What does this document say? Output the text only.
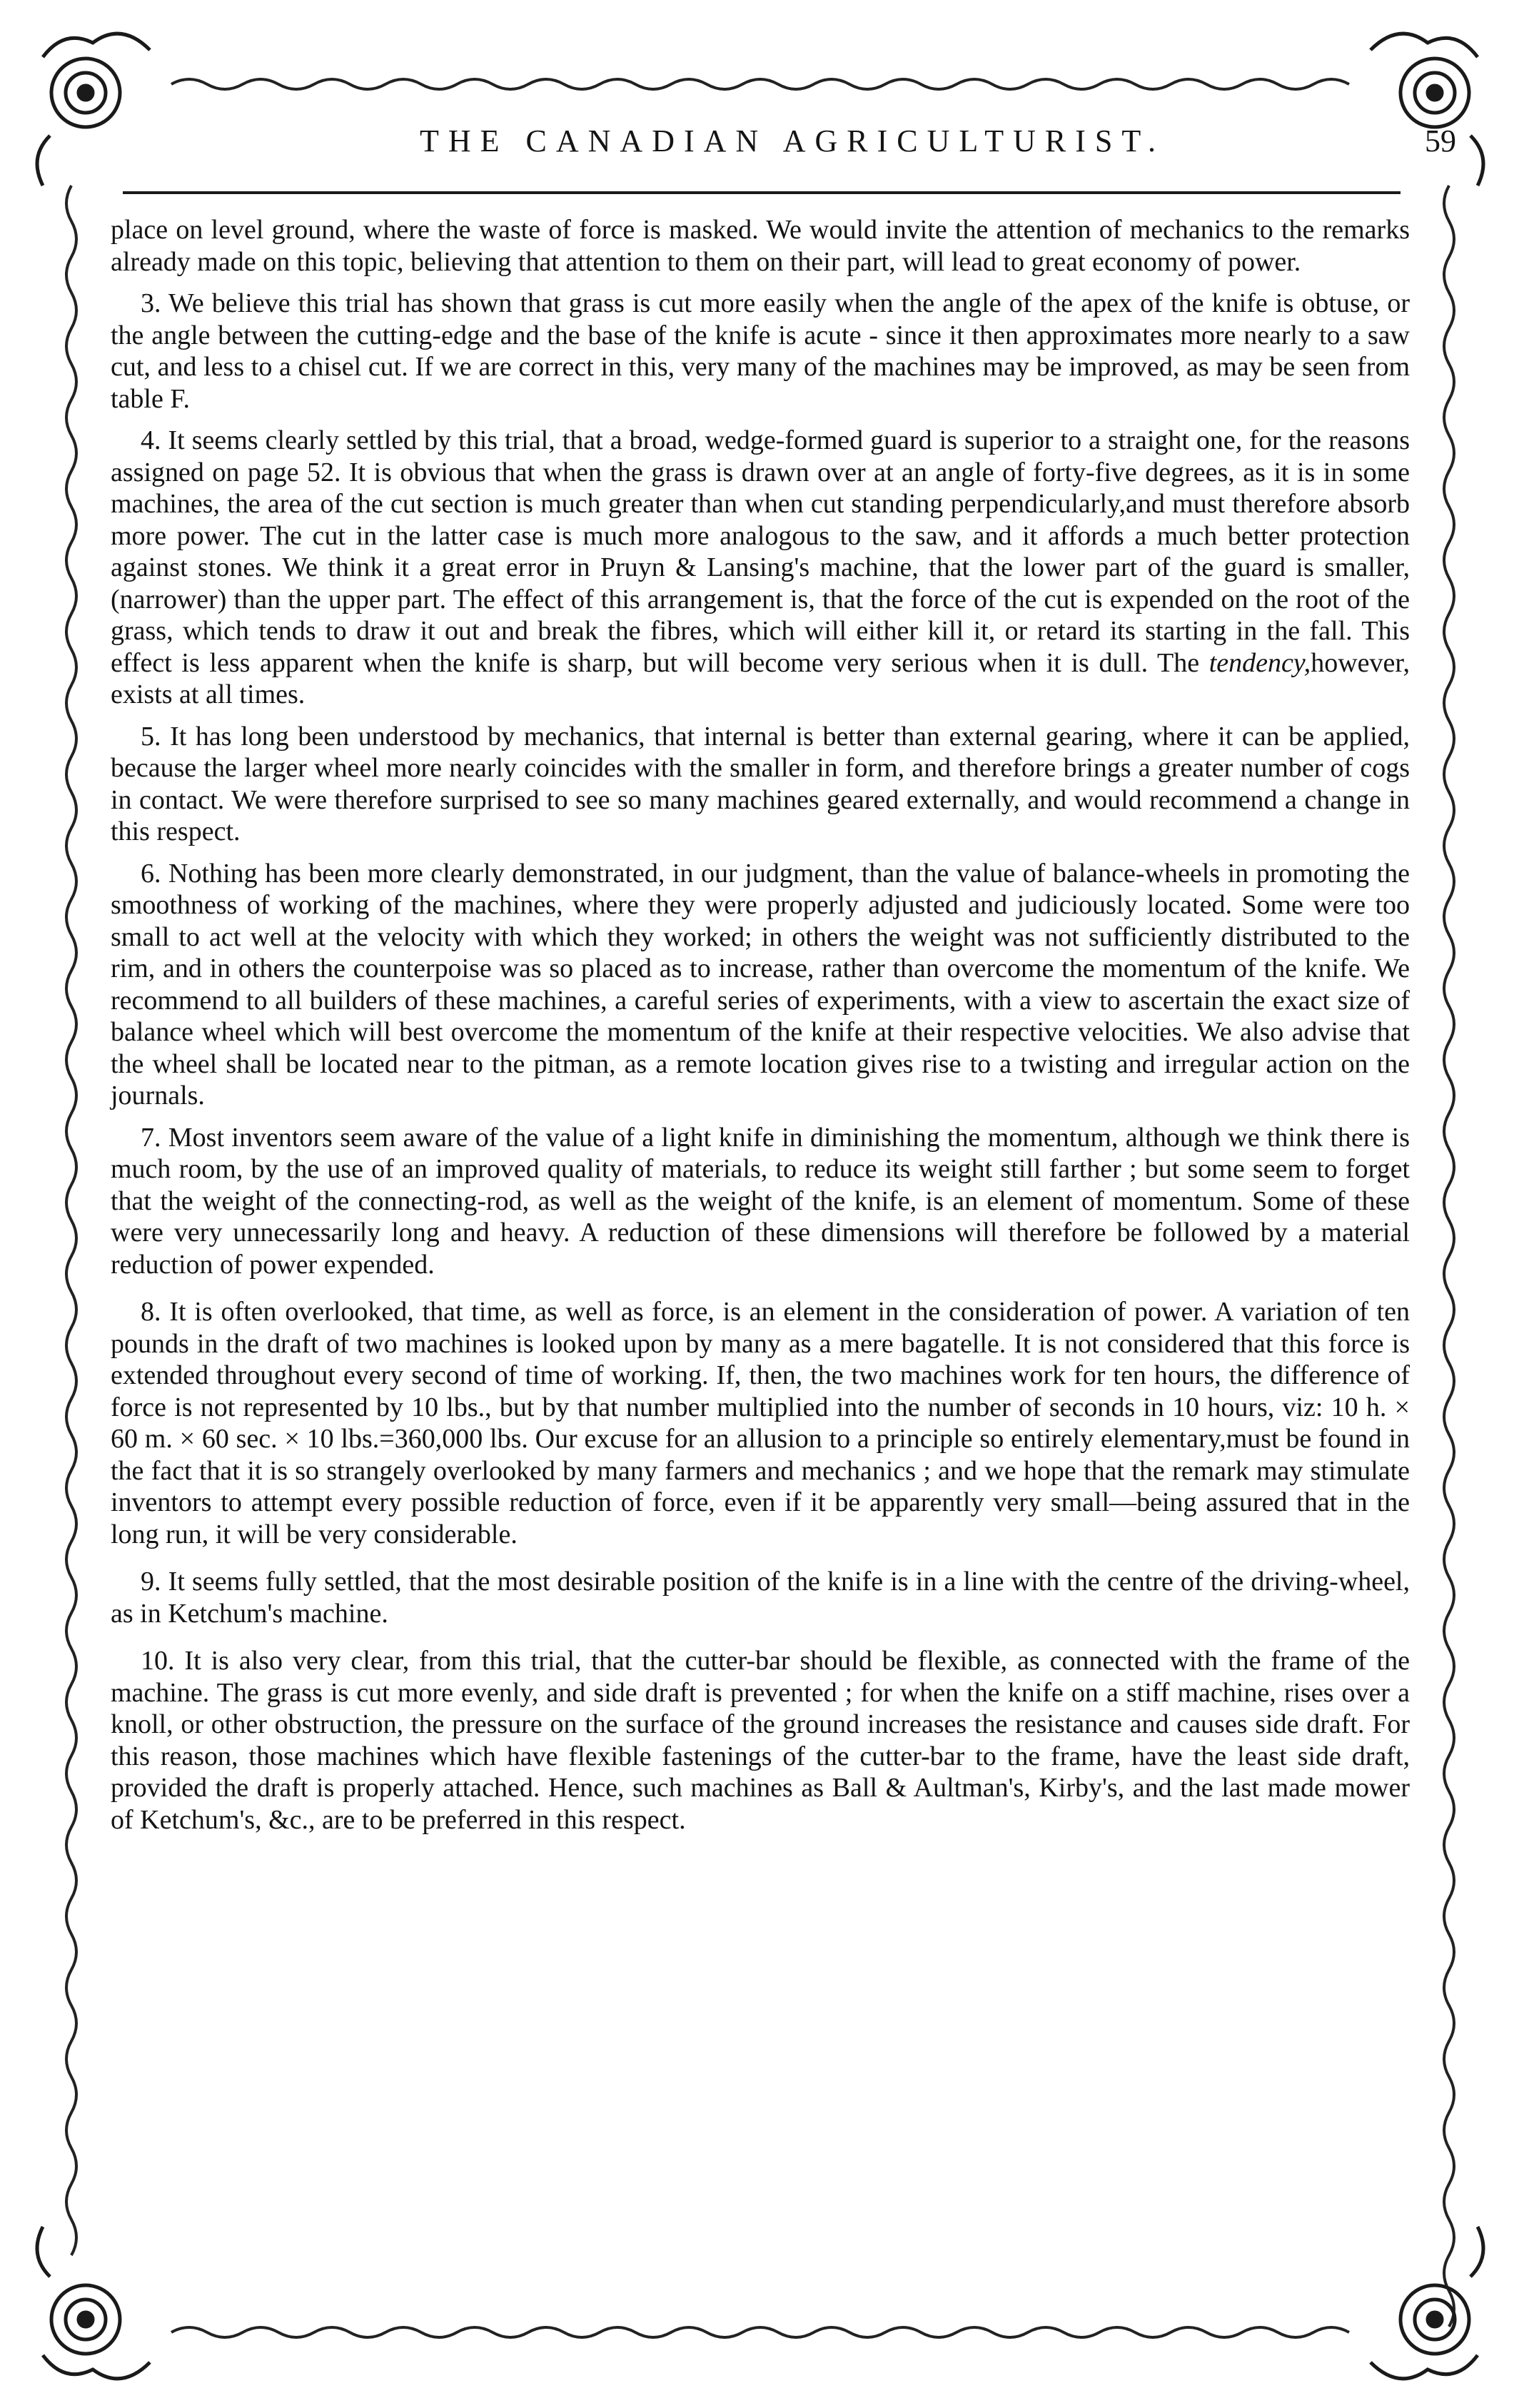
THE CANADIAN AGRICULTURIST.	59

place on level ground, where the waste of force is masked. We would invite the attention of mechanics to the remarks already made on this topic, believing that attention to them on their part, will lead to great economy of power.

3. We believe this trial has shown that grass is cut more easily when the angle of the apex of the knife is obtuse, or the angle between the cutting-edge and the base of the knife is acute - since it then approximates more nearly to a saw cut, and less to a chisel cut. If we are correct in this, very many of the machines may be improved, as may be seen from table F.

4. It seems clearly settled by this trial, that a broad, wedge-formed guard is superior to a straight one, for the reasons assigned on page 52. It is obvious that when the grass is drawn over at an angle of forty-five degrees, as it is in some machines, the area of the cut section is much greater than when cut standing perpendicularly,and must therefore absorb more power. The cut in the latter case is much more analogous to the saw, and it affords a much better protection against stones. We think it a great error in Pruyn & Lansing's machine, that the lower part of the guard is smaller, (narrower) than the upper part. The effect of this arrangement is, that the force of the cut is expended on the root of the grass, which tends to draw it out and break the fibres, which will either kill it, or retard its starting in the fall. This effect is less apparent when the knife is sharp, but will become very serious when it is dull. The tendency,however, exists at all times.

5. It has long been understood by mechanics, that internal is better than external gearing, where it can be applied, because the larger wheel more nearly coincides with the smaller in form, and therefore brings a greater number of cogs in contact. We were therefore surprised to see so many machines geared externally, and would recommend a change in this respect.

6. Nothing has been more clearly demonstrated, in our judgment, than the value of balance-wheels in promoting the smoothness of working of the machines, where they were properly adjusted and judiciously located. Some were too small to act well at the velocity with which they worked; in others the weight was not sufficiently distributed to the rim, and in others the counterpoise was so placed as to increase, rather than overcome the momentum of the knife. We recommend to all builders of these machines, a careful series of experiments, with a view to ascertain the exact size of balance wheel which will best overcome the momentum of the knife at their respective velocities. We also advise that the wheel shall be located near to the pitman, as a remote location gives rise to a twisting and irregular action on the journals.

7. Most inventors seem aware of the value of a light knife in diminishing the momentum, although we think there is much room, by the use of an improved quality of materials, to reduce its weight still farther ; but some seem to forget that the weight of the connecting-rod, as well as the weight of the knife, is an element of momentum. Some of these were very unnecessarily long and heavy. A reduction of these dimensions will therefore be followed by a material reduction of power expended.

8. It is often overlooked, that time, as well as force, is an element in the consideration of power. A variation of ten pounds in the draft of two machines is looked upon by many as a mere bagatelle. It is not considered that this force is extended throughout every second of time of working. If, then, the two machines work for ten hours, the difference of force is not represented by 10 lbs., but by that number multiplied into the number of seconds in 10 hours, viz: 10 h. × 60 m. × 60 sec. × 10 lbs.=360,000 lbs. Our excuse for an allusion to a principle so entirely elementary,must be found in the fact that it is so strangely overlooked by many farmers and mechanics ; and we hope that the remark may stimulate inventors to attempt every possible reduction of force, even if it be apparently very small—being assured that in the long run, it will be very considerable.

9. It seems fully settled, that the most desirable position of the knife is in a line with the centre of the driving-wheel, as in Ketchum's machine.

10. It is also very clear, from this trial, that the cutter-bar should be flexible, as connected with the frame of the machine. The grass is cut more evenly, and side draft is prevented ; for when the knife on a stiff machine, rises over a knoll, or other obstruction, the pressure on the surface of the ground increases the resistance and causes side draft. For this reason, those machines which have flexible fastenings of the cutter-bar to the frame, have the least side draft, provided the draft is properly attached. Hence, such machines as Ball & Aultman's, Kirby's, and the last made mower of Ketchum's, &c., are to be preferred in this respect.
